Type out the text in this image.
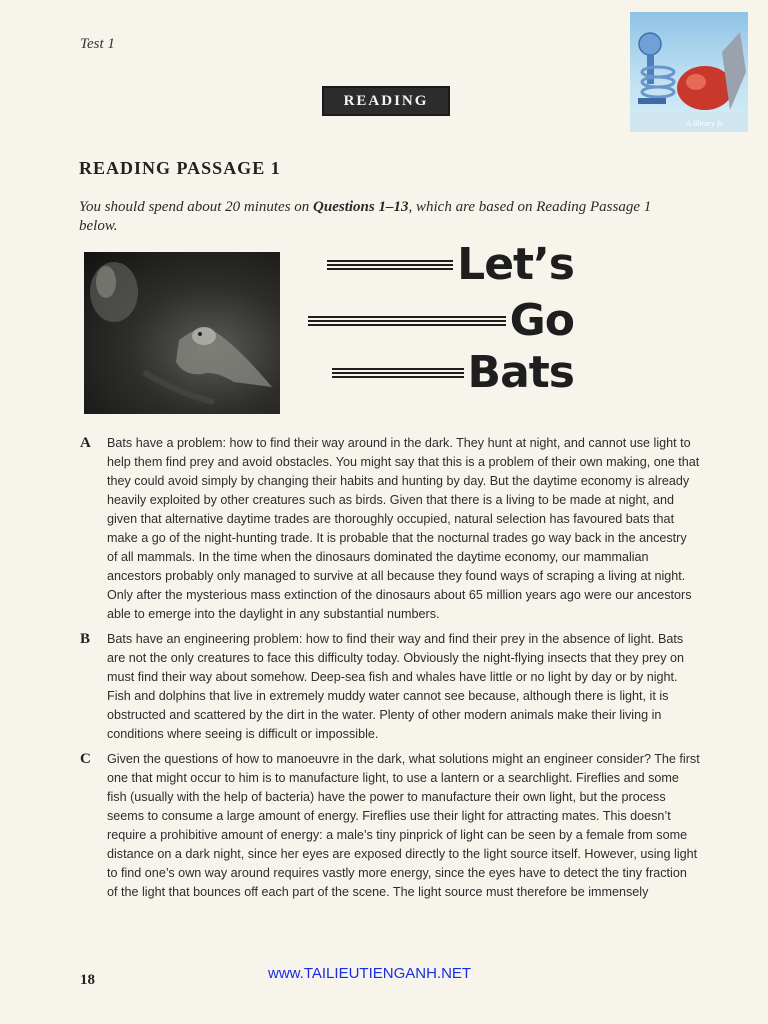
Test 1
A library fo
READING
READING PASSAGE 1
You should spend about 20 minutes on Questions 1–13, which are based on Reading Passage 1 below.
Let’s
Go
Bats
A Bats have a problem: how to find their way around in the dark. They hunt at night, and cannot use light to help them find prey and avoid obstacles. You might say that this is a problem of their own making, one that they could avoid simply by changing their habits and hunting by day. But the daytime economy is already heavily exploited by other creatures such as birds. Given that there is a living to be made at night, and given that alternative daytime trades are thoroughly occupied, natural selection has favoured bats that make a go of the night-hunting trade. It is probable that the nocturnal trades go way back in the ancestry of all mammals. In the time when the dinosaurs dominated the daytime economy, our mammalian ancestors probably only managed to survive at all because they found ways of scraping a living at night. Only after the mysterious mass extinction of the dinosaurs about 65 million years ago were our ancestors able to emerge into the daylight in any substantial numbers.
B Bats have an engineering problem: how to find their way and find their prey in the absence of light. Bats are not the only creatures to face this difficulty today. Obviously the night-flying insects that they prey on must find their way about somehow. Deep-sea fish and whales have little or no light by day or by night. Fish and dolphins that live in extremely muddy water cannot see because, although there is light, it is obstructed and scattered by the dirt in the water. Plenty of other modern animals make their living in conditions where seeing is difficult or impossible.
C Given the questions of how to manoeuvre in the dark, what solutions might an engineer consider? The first one that might occur to him is to manufacture light, to use a lantern or a searchlight. Fireflies and some fish (usually with the help of bacteria) have the power to manufacture their own light, but the process seems to consume a large amount of energy. Fireflies use their light for attracting mates. This doesn’t require a prohibitive amount of energy: a male’s tiny pinprick of light can be seen by a female from some distance on a dark night, since her eyes are exposed directly to the light source itself. However, using light to find one’s own way around requires vastly more energy, since the eyes have to detect the tiny fraction of the light that bounces off each part of the scene. The light source must therefore be immensely
18	www.TAILIEUTIENGANH.NET
